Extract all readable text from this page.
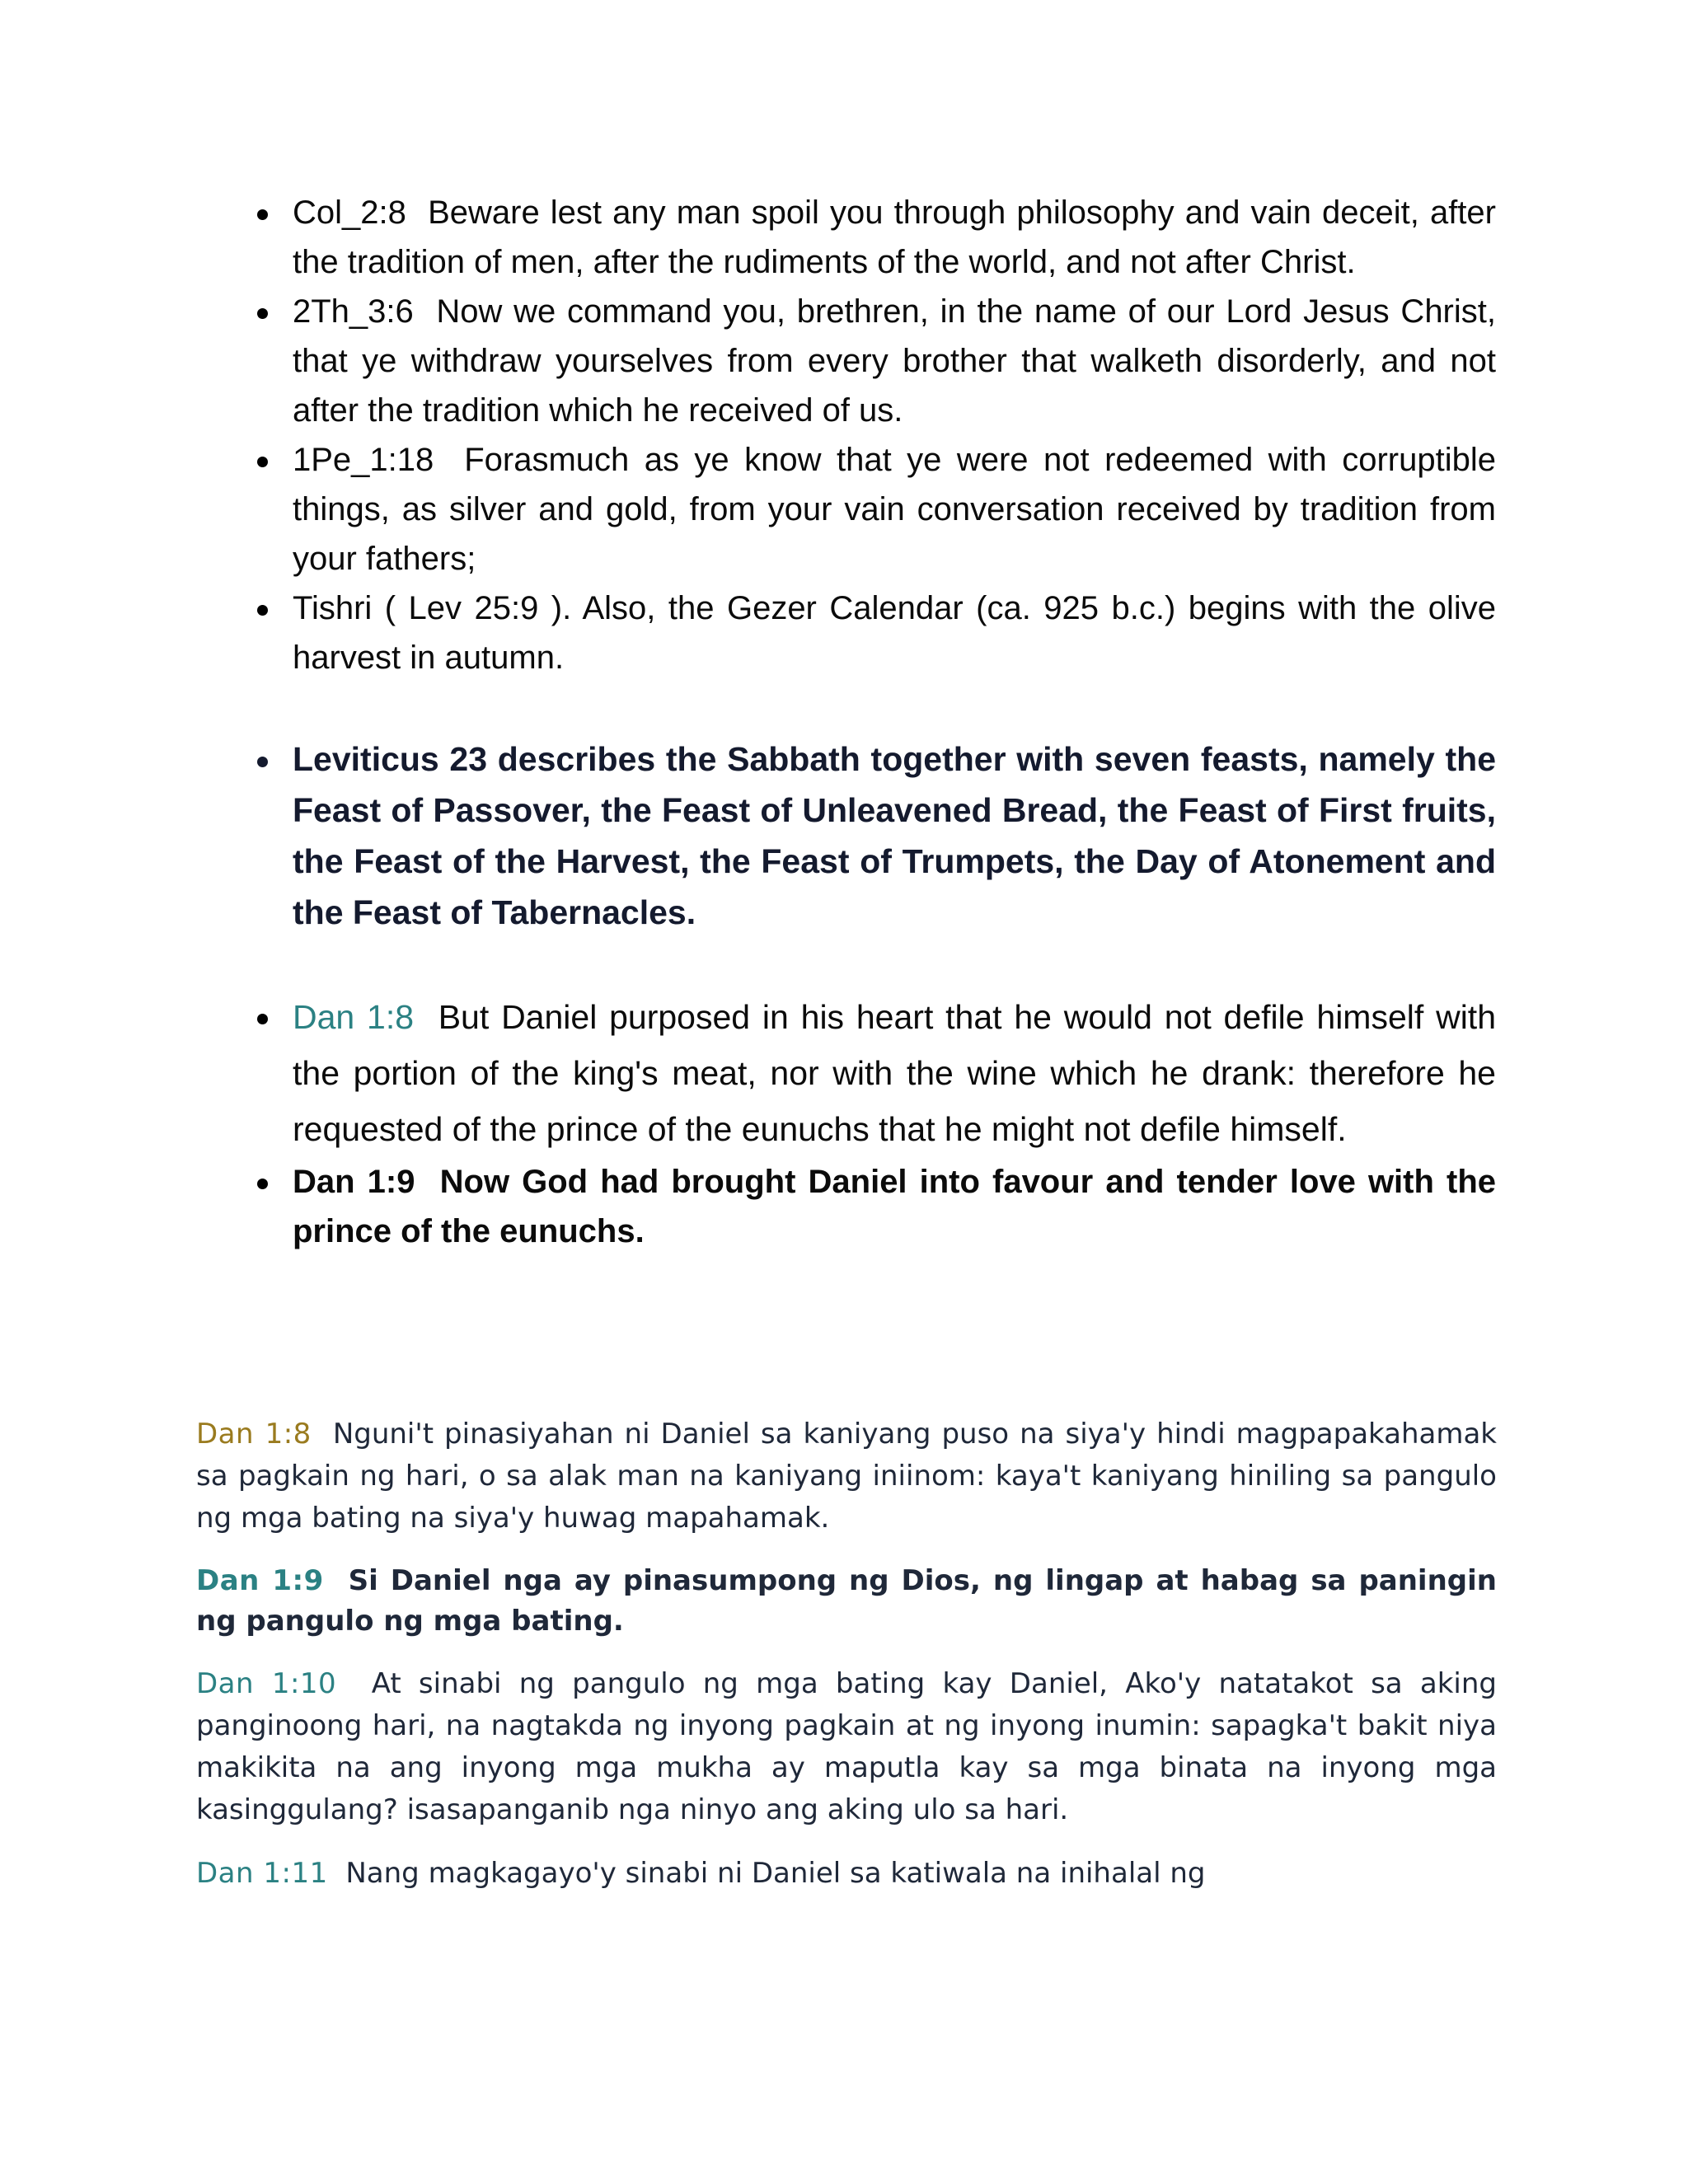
Col_2:8 Beware lest any man spoil you through philosophy and vain deceit, after the tradition of men, after the rudiments of the world, and not after Christ.
2Th_3:6 Now we command you, brethren, in the name of our Lord Jesus Christ, that ye withdraw yourselves from every brother that walketh disorderly, and not after the tradition which he received of us.
1Pe_1:18 Forasmuch as ye know that ye were not redeemed with corruptible things, as silver and gold, from your vain conversation received by tradition from your fathers;
Tishri ( Lev 25:9 ). Also, the Gezer Calendar (ca. 925 b.c.) begins with the olive harvest in autumn.
Leviticus 23 describes the Sabbath together with seven feasts, namely the Feast of Passover, the Feast of Unleavened Bread, the Feast of First fruits, the Feast of the Harvest, the Feast of Trumpets, the Day of Atonement and the Feast of Tabernacles.
Dan 1:8 But Daniel purposed in his heart that he would not defile himself with the portion of the king's meat, nor with the wine which he drank: therefore he requested of the prince of the eunuchs that he might not defile himself.
Dan 1:9 Now God had brought Daniel into favour and tender love with the prince of the eunuchs.

Dan 1:8 Nguni't pinasiyahan ni Daniel sa kaniyang puso na siya'y hindi magpapakahamak sa pagkain ng hari, o sa alak man na kaniyang iniinom: kaya't kaniyang hiniling sa pangulo ng mga bating na siya'y huwag mapahamak.

Dan 1:9 Si Daniel nga ay pinasumpong ng Dios, ng lingap at habag sa paningin ng pangulo ng mga bating.

Dan 1:10 At sinabi ng pangulo ng mga bating kay Daniel, Ako'y natatakot sa aking panginoong hari, na nagtakda ng inyong pagkain at ng inyong inumin: sapagka't bakit niya makikita na ang inyong mga mukha ay maputla kay sa mga binata na inyong mga kasinggulang? isasapanganib nga ninyo ang aking ulo sa hari.

Dan 1:11 Nang magkagayo'y sinabi ni Daniel sa katiwala na inihalal ng
